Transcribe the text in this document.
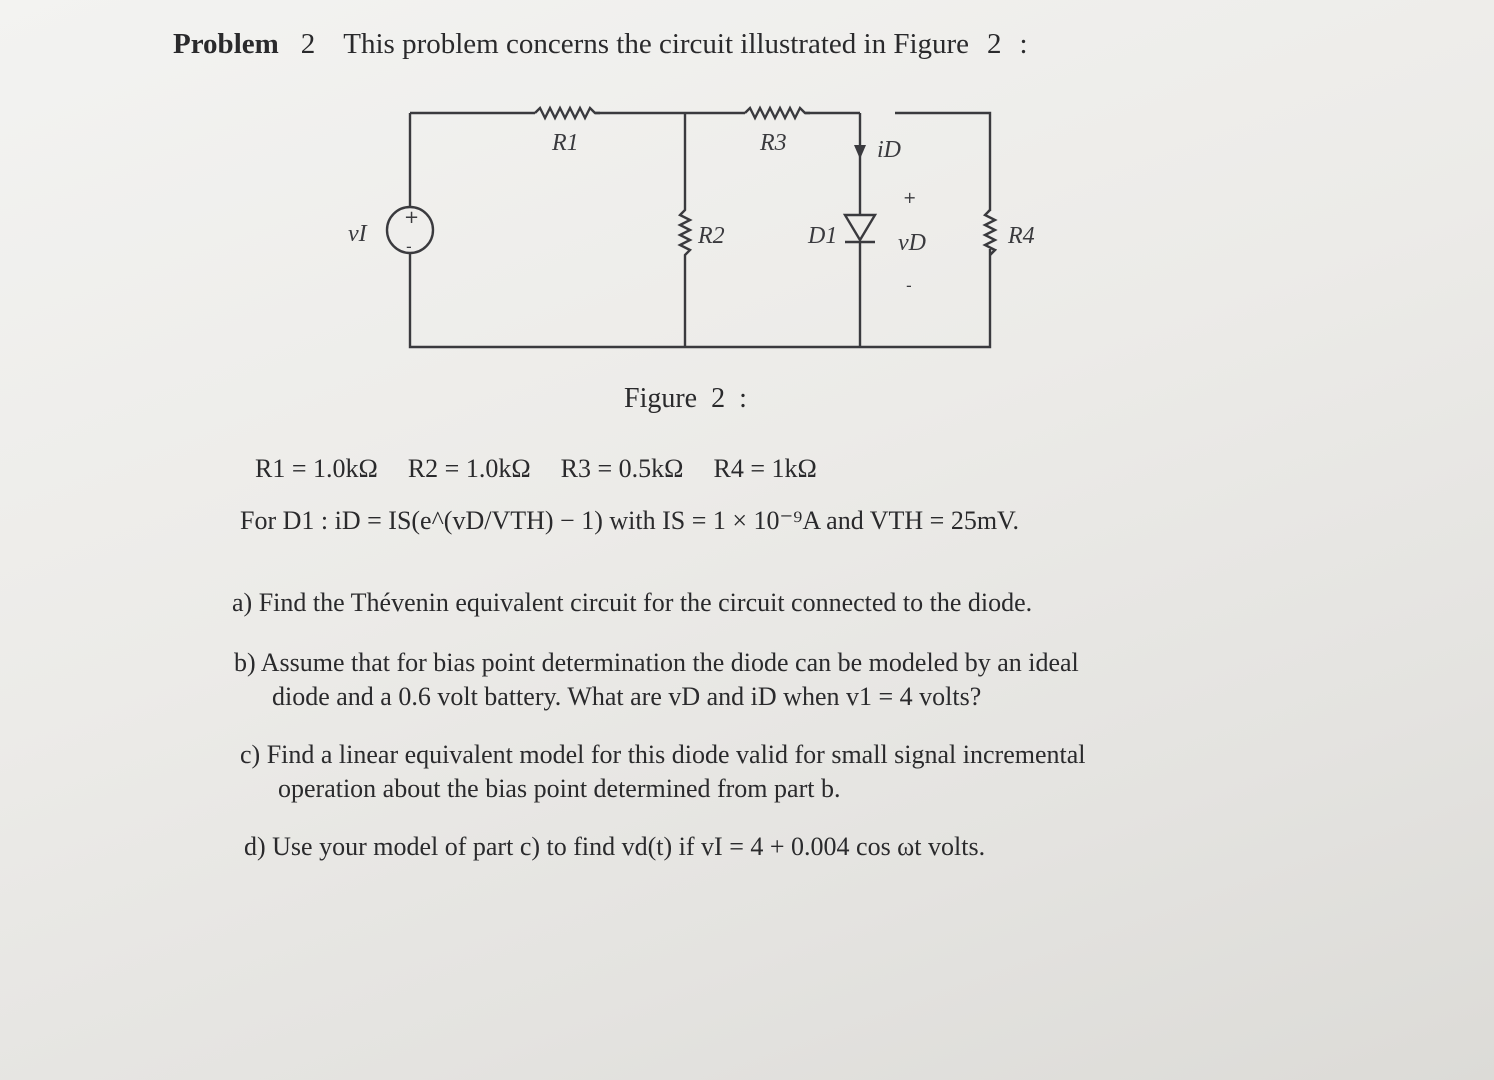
Problem 2 This problem concerns the circuit illustrated in Figure 2 :
+
-
vI
R1	R3
R2	D1
iD
vD	R4
+
-
Figure 2 :
R1 = 1.0kΩ R2 = 1.0kΩ R3 = 0.5kΩ R4 = 1kΩ
For D1 : iD = IS(e^(vD/VTH) − 1) with IS = 1 × 10⁻⁹A and VTH = 25mV.
a) Find the Thévenin equivalent circuit for the circuit connected to the diode.
b) Assume that for bias point determination the diode can be modeled by an ideal
diode and a 0.6 volt battery. What are vD and iD when v1 = 4 volts?
c) Find a linear equivalent model for this diode valid for small signal incremental
operation about the bias point determined from part b.
d) Use your model of part c) to find vd(t) if vI = 4 + 0.004 cos ωt volts.
